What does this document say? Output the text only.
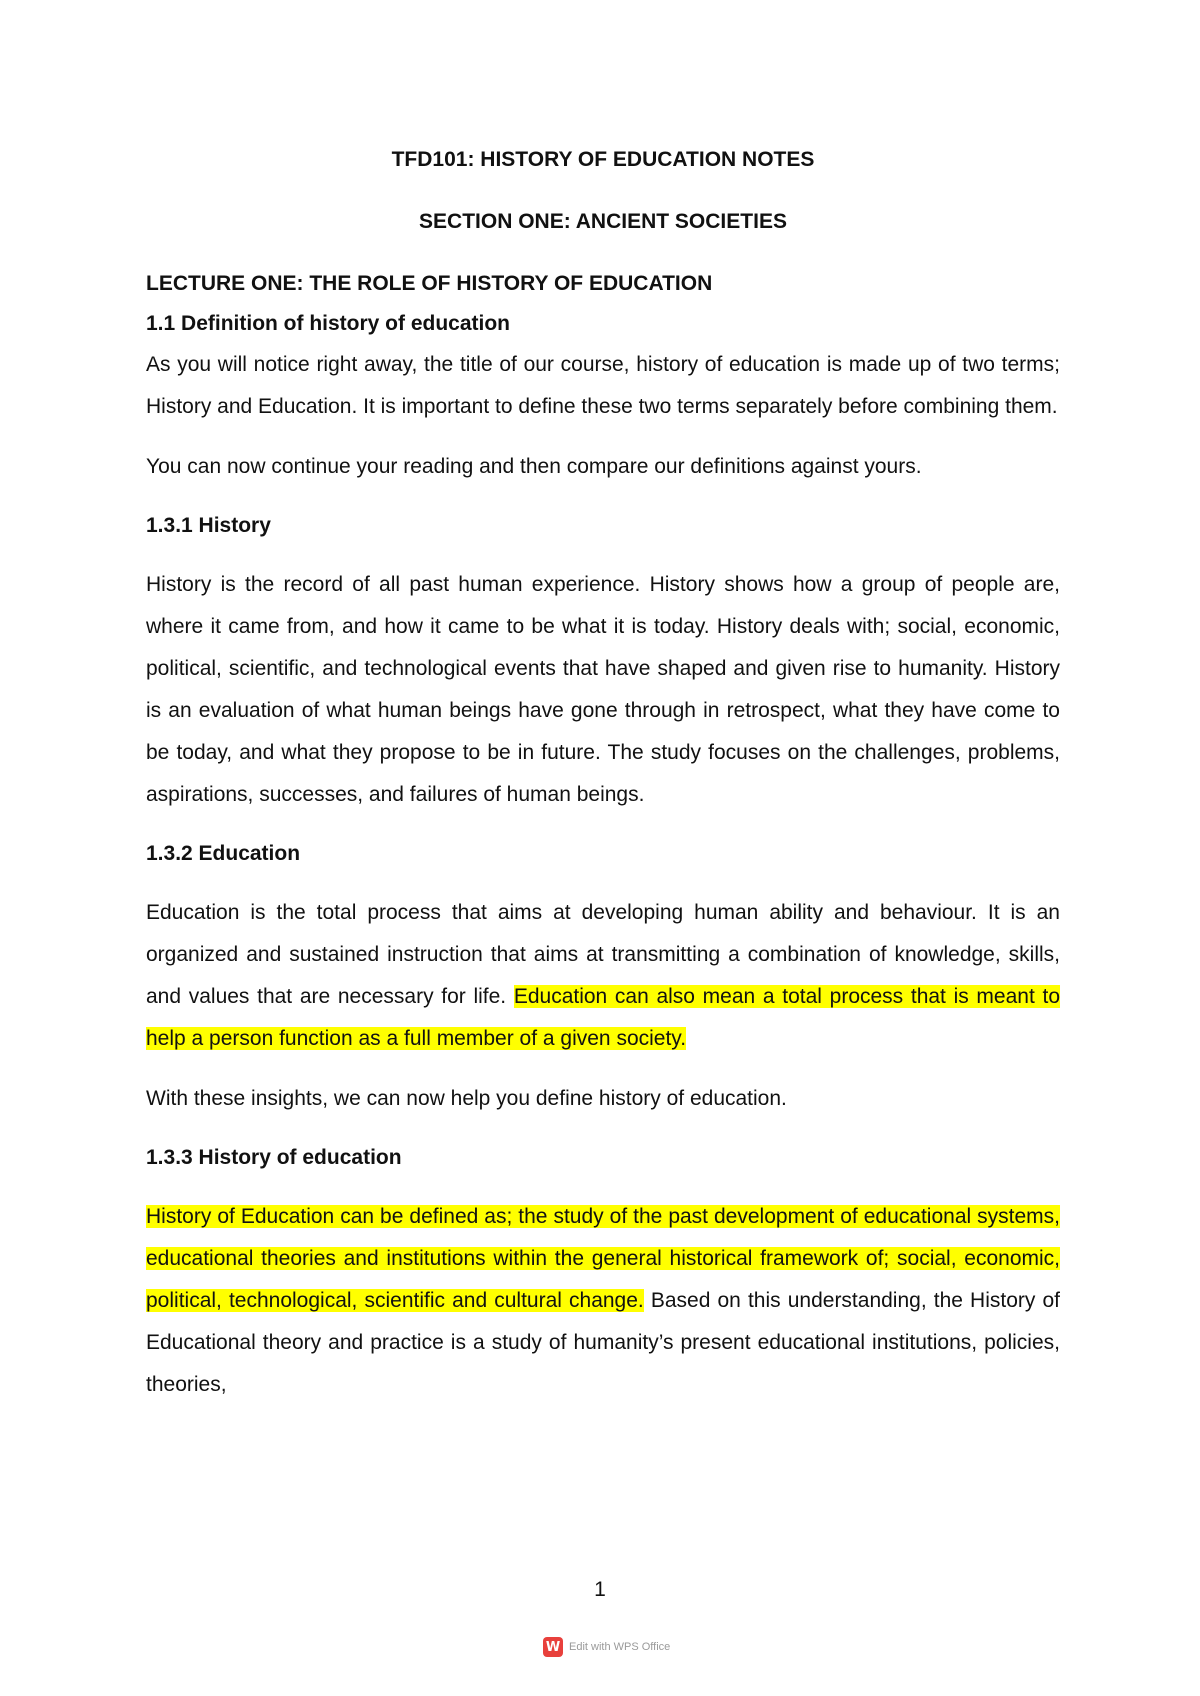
TFD101: HISTORY OF EDUCATION NOTES

SECTION ONE: ANCIENT SOCIETIES

LECTURE ONE: THE ROLE OF HISTORY OF EDUCATION

1.1 Definition of history of education

As you will notice right away, the title of our course, history of education is made up of two terms; History and Education. It is important to define these two terms separately before combining them.

You can now continue your reading and then compare our definitions against yours.

1.3.1 History

History is the record of all past human experience. History shows how a group of people are, where it came from, and how it came to be what it is today. History deals with; social, economic, political, scientific, and technological events that have shaped and given rise to humanity. History is an evaluation of what human beings have gone through in retrospect, what they have come to be today, and what they propose to be in future. The study focuses on the challenges, problems, aspirations, successes, and failures of human beings.

1.3.2 Education

Education is the total process that aims at developing human ability and behaviour. It is an organized and sustained instruction that aims at transmitting a combination of knowledge, skills, and values that are necessary for life. Education can also mean a total process that is meant to help a person function as a full member of a given society.

With these insights, we can now help you define history of education.

1.3.3 History of education

History of Education can be defined as; the study of the past development of educational systems, educational theories and institutions within the general historical framework of; social, economic, political, technological, scientific and cultural change. Based on this understanding, the History of Educational theory and practice is a study of humanity’s present educational institutions, policies, theories,

1
W Edit with WPS Office
